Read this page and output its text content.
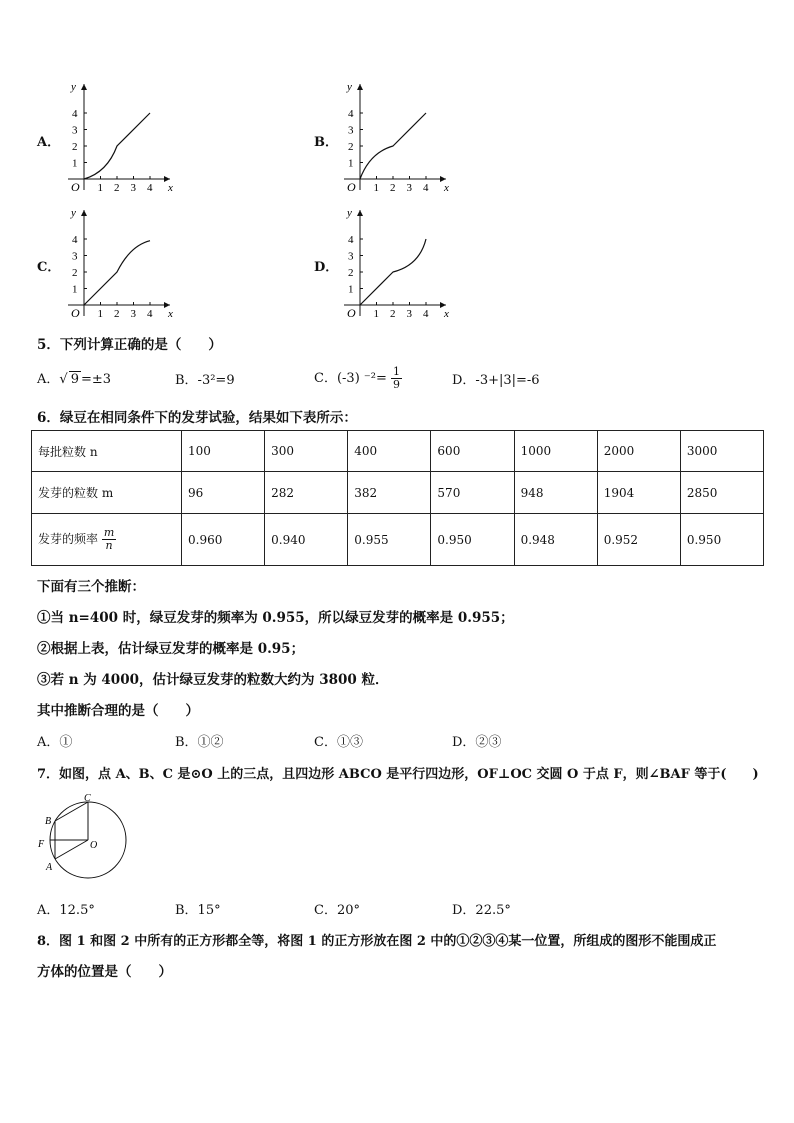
A．	B．
C．	D．
1 2 3 4
1
2
3
4
O	x
y
1 2 3 4
1
2
3
4
O	x
y
1 2 3 4
1
2
3
4
O	x
y
1 2 3 4
1
2
3
4
O	x
y
5．下列计算正确的是（　　）
A．√ 9 =±3	B．-3²=9	C．(-3) $^{-2}= \frac{1}{9}$	D．-3+|3|=-6
6．绿豆在相同条件下的发芽试验，结果如下表所示：
每批粒数 n	100	300	400	600	1000	2000	3000
发芽的粒数 m	96	282	382	570	948	1904	2850
发芽的频率 $\frac{m}{n}$	0.960	0.940	0.955	0.950	0.948	0.952	0.950
下面有三个推断：
①当 n=400 时，绿豆发芽的频率为 0.955，所以绿豆发芽的概率是 0.955；
②根据上表，估计绿豆发芽的概率是 0.95；
③若 n 为 4000，估计绿豆发芽的粒数大约为 3800 粒．
其中推断合理的是（　　）
A．①	B．①②	C．①③	D．②③
7．如图，点 A、B、C 是⊙O 上的三点，且四边形 ABCO 是平行四边形，OF⊥OC 交圆 O 于点 F，则∠BAF 等于(　　)
C
B
F
A
O
A．12.5°	B．15°	C．20°	D．22.5°
8．图 1 和图 2 中所有的正方形都全等，将图 1 的正方形放在图 2 中的①②③④某一位置，所组成的图形不能围成正
方体的位置是（　　）
